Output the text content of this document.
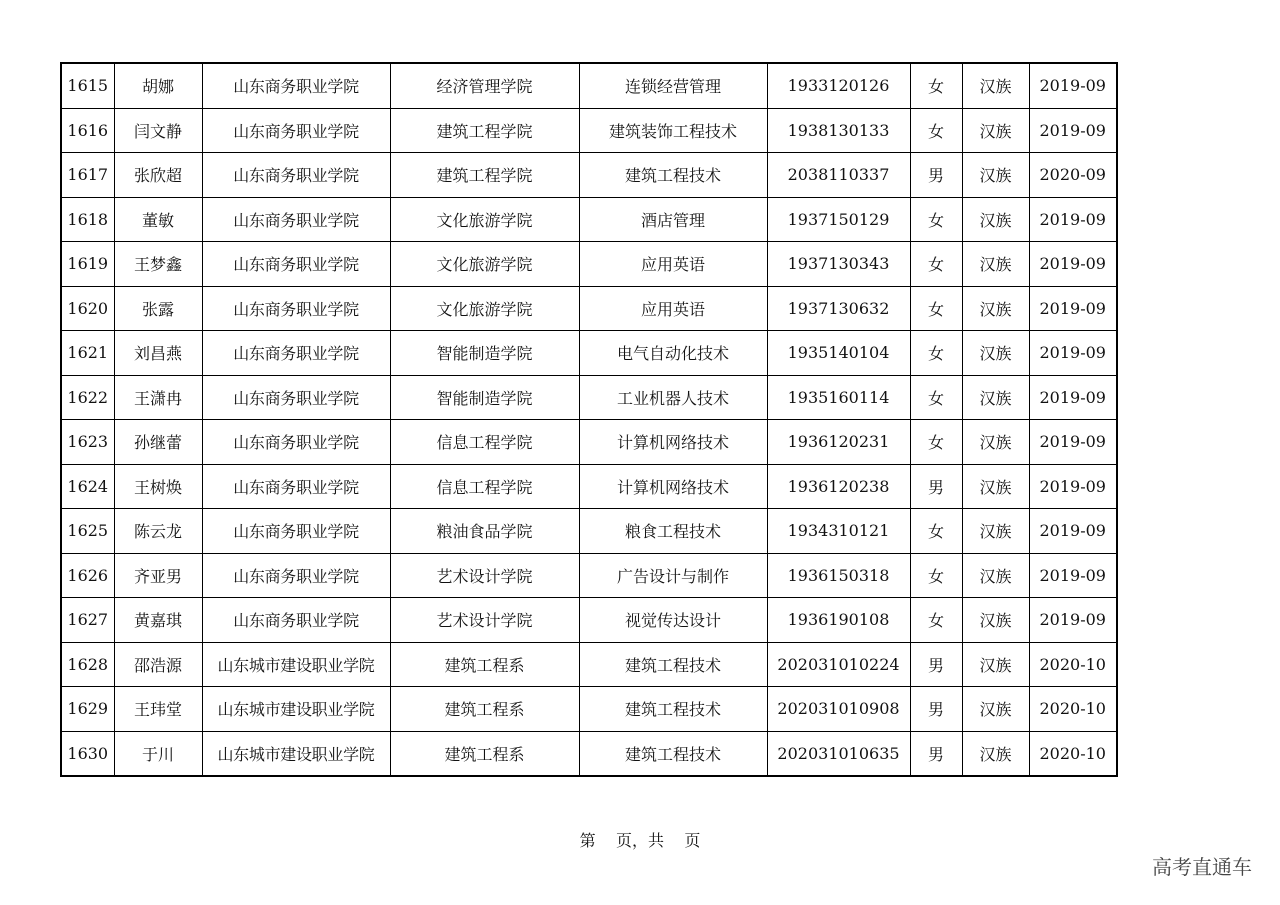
1615	胡娜	山东商务职业学院	经济管理学院	连锁经营管理	1933120126	女	汉族	2019-09
1616	闫文静	山东商务职业学院	建筑工程学院	建筑装饰工程技术	1938130133	女	汉族	2019-09
1617	张欣超	山东商务职业学院	建筑工程学院	建筑工程技术	2038110337	男	汉族	2020-09
1618	董敏	山东商务职业学院	文化旅游学院	酒店管理	1937150129	女	汉族	2019-09
1619	王梦鑫	山东商务职业学院	文化旅游学院	应用英语	1937130343	女	汉族	2019-09
1620	张露	山东商务职业学院	文化旅游学院	应用英语	1937130632	女	汉族	2019-09
1621	刘昌燕	山东商务职业学院	智能制造学院	电气自动化技术	1935140104	女	汉族	2019-09
1622	王潇冉	山东商务职业学院	智能制造学院	工业机器人技术	1935160114	女	汉族	2019-09
1623	孙继蕾	山东商务职业学院	信息工程学院	计算机网络技术	1936120231	女	汉族	2019-09
1624	王树焕	山东商务职业学院	信息工程学院	计算机网络技术	1936120238	男	汉族	2019-09
1625	陈云龙	山东商务职业学院	粮油食品学院	粮食工程技术	1934310121	女	汉族	2019-09
1626	齐亚男	山东商务职业学院	艺术设计学院	广告设计与制作	1936150318	女	汉族	2019-09
1627	黄嘉琪	山东商务职业学院	艺术设计学院	视觉传达设计	1936190108	女	汉族	2019-09
1628	邵浩源	山东城市建设职业学院	建筑工程系	建筑工程技术	202031010224	男	汉族	2020-10
1629	王玮堂	山东城市建设职业学院	建筑工程系	建筑工程技术	202031010908	男	汉族	2020-10
1630	于川	山东城市建设职业学院	建筑工程系	建筑工程技术	202031010635	男	汉族	2020-10
第    页，共    页
高考直通车
